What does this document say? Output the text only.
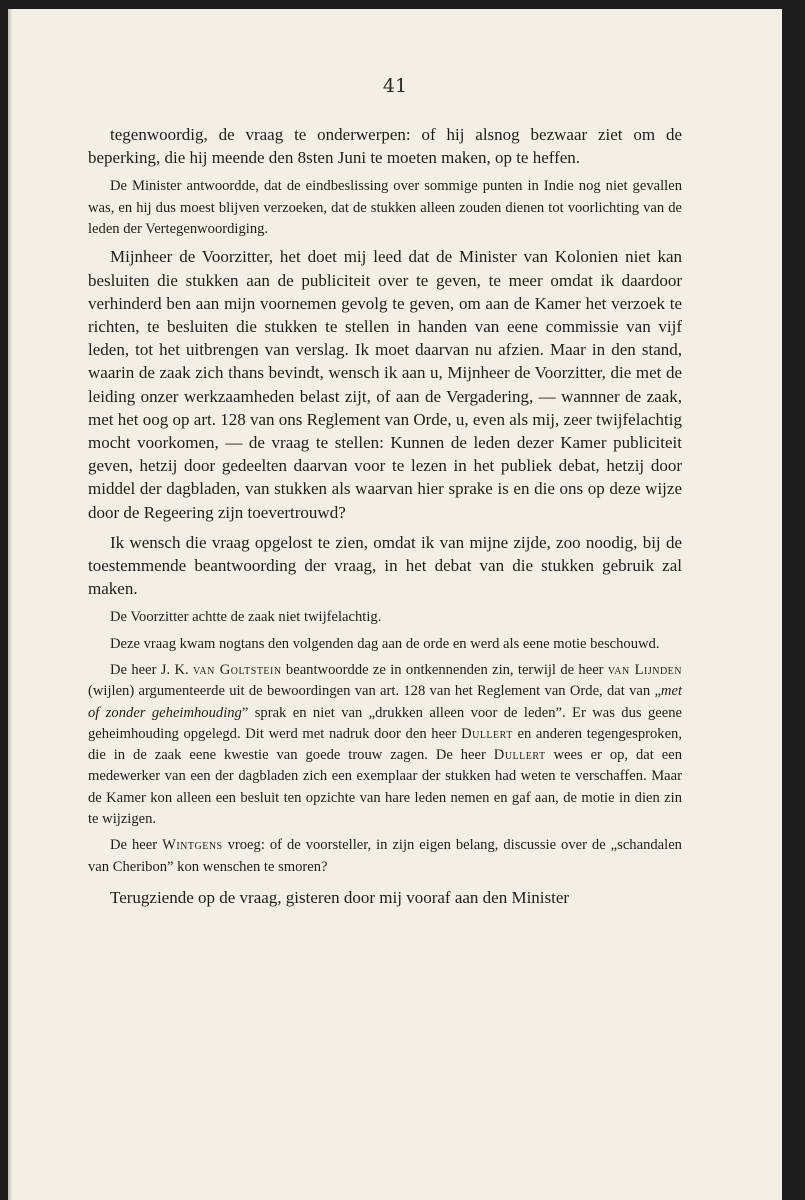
41

tegenwoordig, de vraag te onderwerpen: of hij alsnog bezwaar ziet om de beperking, die hij meende den 8sten Juni te moeten maken, op te heffen.

De Minister antwoordde, dat de eindbeslissing over sommige punten in Indie nog niet gevallen was, en hij dus moest blijven verzoeken, dat de stukken alleen zouden dienen tot voorlichting van de leden der Vertegenwoordiging.

Mijnheer de Voorzitter, het doet mij leed dat de Minister van Kolonien niet kan besluiten die stukken aan de publiciteit over te geven, te meer omdat ik daardoor verhinderd ben aan mijn voornemen gevolg te geven, om aan de Kamer het verzoek te richten, te besluiten die stukken te stellen in handen van eene commissie van vijf leden, tot het uitbrengen van verslag. Ik moet daarvan nu afzien. Maar in den stand, waarin de zaak zich thans bevindt, wensch ik aan u, Mijnheer de Voorzitter, die met de leiding onzer werkzaamheden belast zijt, of aan de Vergadering, — wannner de zaak, met het oog op art. 128 van ons Reglement van Orde, u, even als mij, zeer twijfelachtig mocht voorkomen, — de vraag te stellen: Kunnen de leden dezer Kamer publiciteit geven, hetzij door gedeelten daarvan voor te lezen in het publiek debat, hetzij door middel der dagbladen, van stukken als waarvan hier sprake is en die ons op deze wijze door de Regeering zijn toevertrouwd?

Ik wensch die vraag opgelost te zien, omdat ik van mijne zijde, zoo noodig, bij de toestemmende beantwoording der vraag, in het debat van die stukken gebruik zal maken.

De Voorzitter achtte de zaak niet twijfelachtig.

Deze vraag kwam nogtans den volgenden dag aan de orde en werd als eene motie beschouwd.

De heer J. K. van Goltstein beantwoordde ze in ontkennenden zin, terwijl de heer van Lijnden (wijlen) argumenteerde uit de bewoordingen van art. 128 van het Reglement van Orde, dat van „met of zonder geheimhouding” sprak en niet van „drukken alleen voor de leden”. Er was dus geene geheimhouding opgelegd. Dit werd met nadruk door den heer Dullert en anderen tegengesproken, die in de zaak eene kwestie van goede trouw zagen. De heer Dullert wees er op, dat een medewerker van een der dagbladen zich een exemplaar der stukken had weten te verschaffen. Maar de Kamer kon alleen een besluit ten opzichte van hare leden nemen en gaf aan, de motie in dien zin te wijzigen.

De heer Wintgens vroeg: of de voorsteller, in zijn eigen belang, discussie over de „schandalen van Cheribon” kon wenschen te smoren?

Terugziende op de vraag, gisteren door mij vooraf aan den Minister
